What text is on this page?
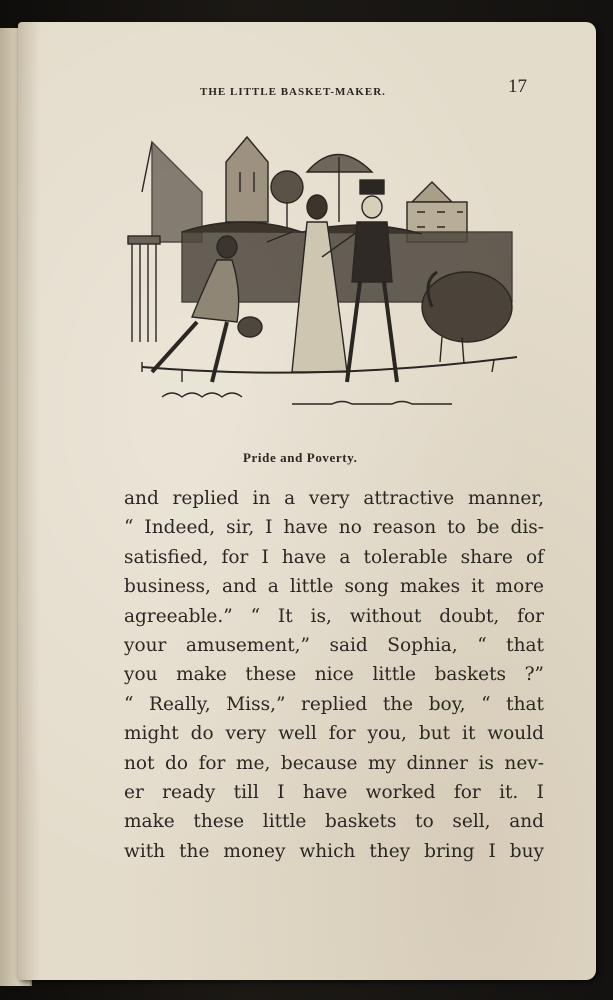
THE LITTLE BASKET-MAKER.	17
Pride and Poverty.
and replied in a very attractive manner,
“ Indeed, sir, I have no reason to be dis-
satisfied, for I have a tolerable share of
business, and a little song makes it more
agreeable.” “ It is, without doubt, for
your amusement,” said Sophia, “ that
you make these nice little baskets ?”
“ Really, Miss,” replied the boy, “ that
might do very well for you, but it would
not do for me, because my dinner is nev-
er ready till I have worked for it. I
make these little baskets to sell, and
with the money which they bring I buy
